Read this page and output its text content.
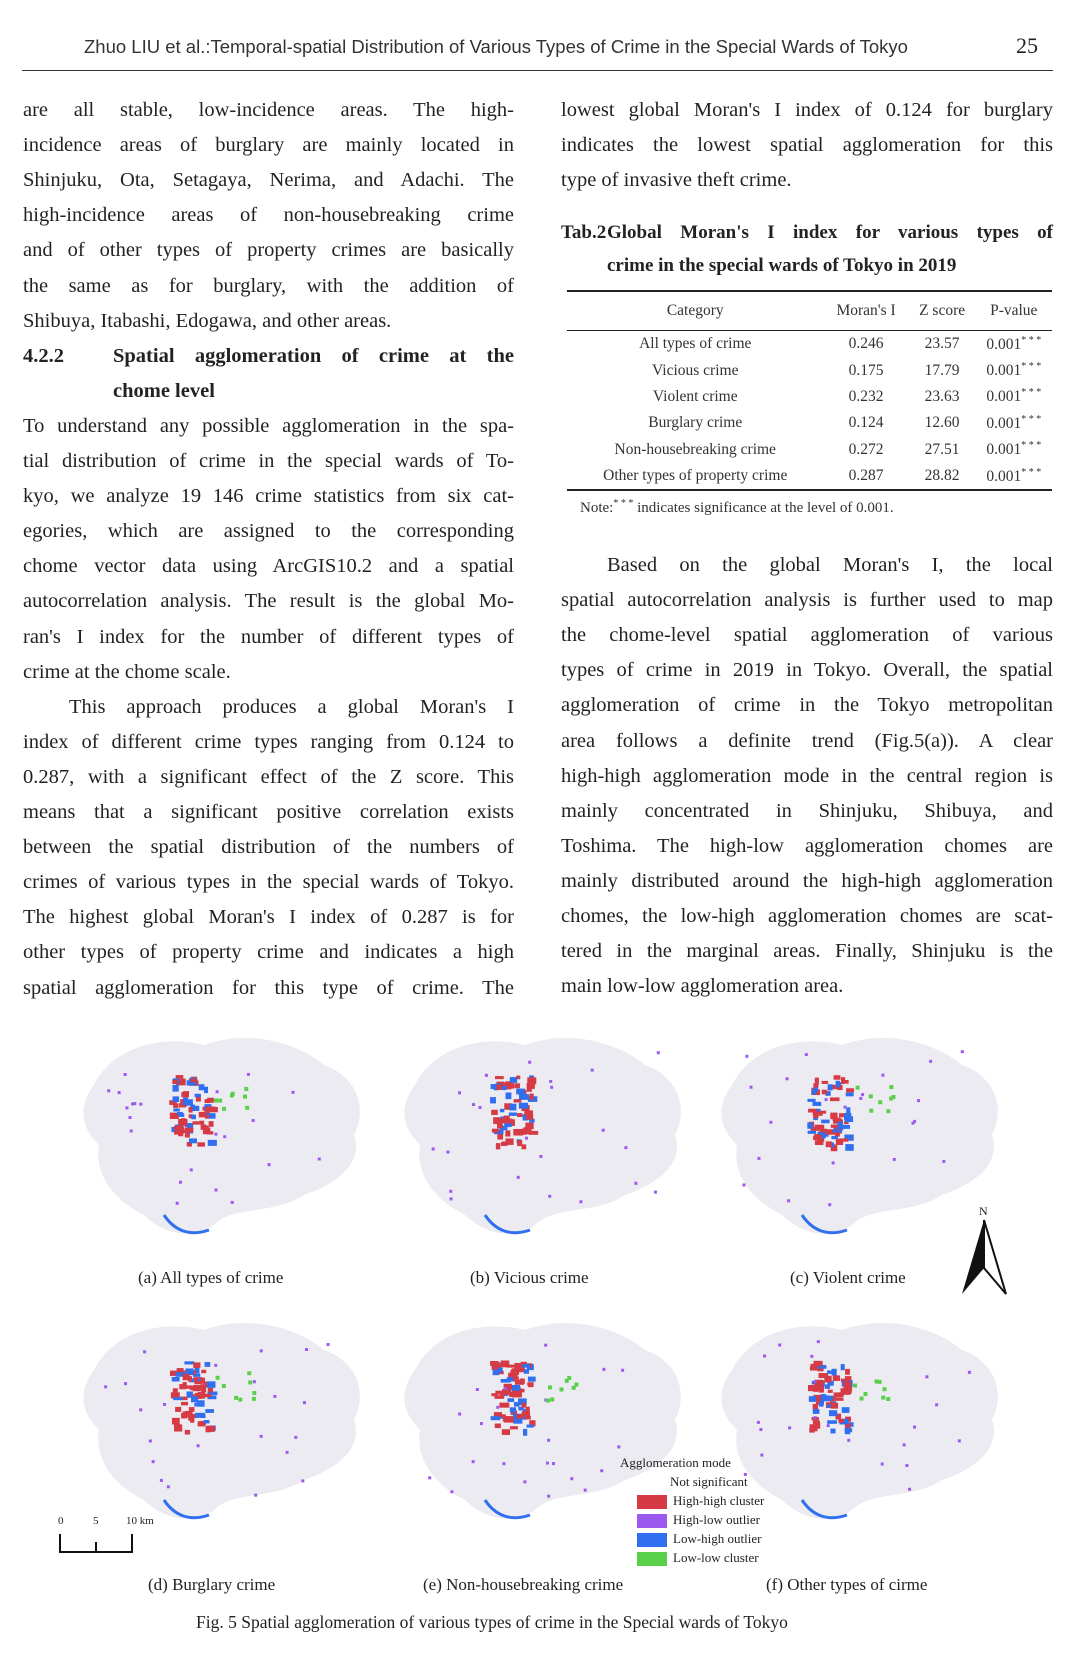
Zhuo LIU et al.:Temporal-spatial Distribution of Various Types of Crime in the Special Wards of Tokyo	25
Tab.2 Global Moran's I index for various types of
crime in the special wards of Tokyo in 2019
Category	Moran's I	Z score	P-value
All types of crime	0.246	23.57	0.001* * *
Vicious crime	0.175	17.79	0.001* * *
Violent crime	0.232	23.63	0.001* * *
Burglary crime	0.124	12.60	0.001* * *
Non-housebreaking crime	0.272	27.51	0.001* * *
Other types of property crime	0.287	28.82	0.001* * *
Note:* * * indicates significance at the level of 0.001.
(a) All types of crime	(b) Vicious crime	(c) Violent crime
(d) Burglary crime	(e) Non-housebreaking crime	(f) Other types of cirme
N
0	5	10 km
Agglomeration mode
Not significant
High-high cluster
High-low outlier
Low-high outlier
Low-low cluster
Fig. 5 Spatial agglomeration of various types of crime in the Special wards of Tokyo
are all stable, low-incidence areas. The high-
incidence areas of burglary are mainly located in
Shinjuku, Ota, Setagaya, Nerima, and Adachi. The
high-incidence areas of non-housebreaking crime
and of other types of property crimes are basically
the same as for burglary, with the addition of
Shibuya, Itabashi, Edogawa, and other areas.
4.2.2 Spatial agglomeration of crime at the
chome level
To understand any possible agglomeration in the spa-
tial distribution of crime in the special wards of To-
kyo, we analyze 19 146 crime statistics from six cat-
egories, which are assigned to the corresponding
chome vector data using ArcGIS10.2 and a spatial
autocorrelation analysis. The result is the global Mo-
ran's I index for the number of different types of
crime at the chome scale.
This approach produces a global Moran's I
index of different crime types ranging from 0.124 to
0.287, with a significant effect of the Z score. This
means that a significant positive correlation exists
between the spatial distribution of the numbers of
crimes of various types in the special wards of Tokyo.
The highest global Moran's I index of 0.287 is for
other types of property crime and indicates a high
spatial agglomeration for this type of crime. The
lowest global Moran's I index of 0.124 for burglary
indicates the lowest spatial agglomeration for this
type of invasive theft crime.
Based on the global Moran's I, the local
spatial autocorrelation analysis is further used to map
the chome-level spatial agglomeration of various
types of crime in 2019 in Tokyo. Overall, the spatial
agglomeration of crime in the Tokyo metropolitan
area follows a definite trend (Fig.5(a)). A clear
high-high agglomeration mode in the central region is
mainly concentrated in Shinjuku, Shibuya, and
Toshima. The high-low agglomeration chomes are
mainly distributed around the high-high agglomeration
chomes, the low-high agglomeration chomes are scat-
tered in the marginal areas. Finally, Shinjuku is the
main low-low agglomeration area.
